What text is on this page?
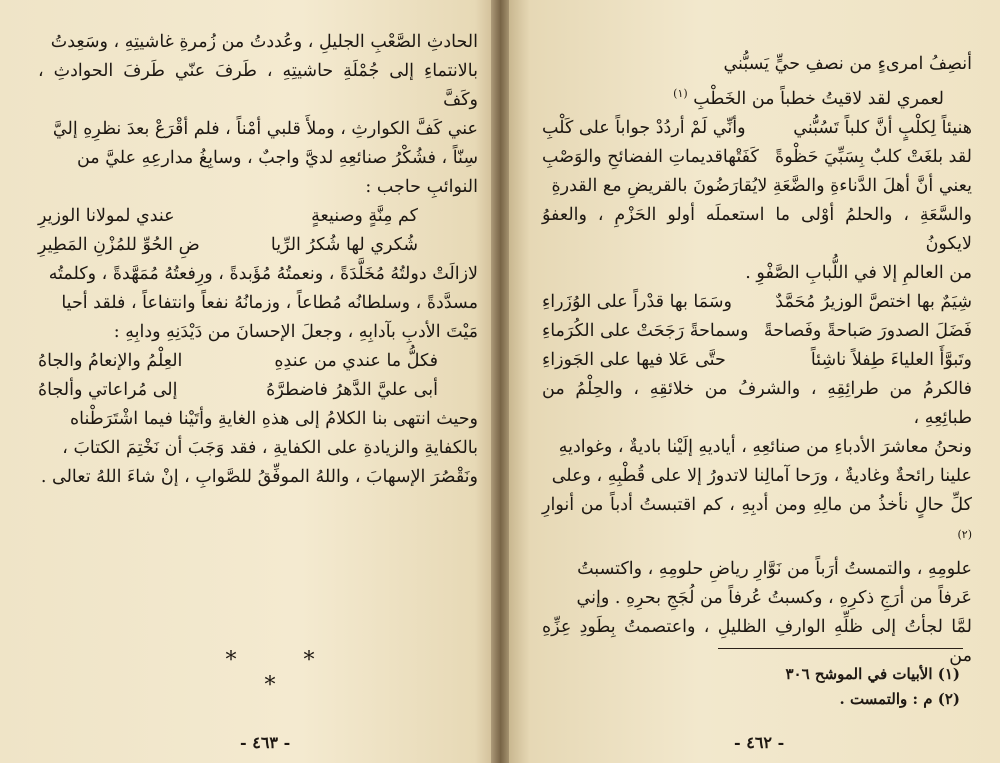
الحادثِ الصَّعْبِ الجليلِ ، وعُددتُ من زُمرةِ غاشيتِهِ ، وسَعِدتُ

بالانتماءِ إلى جُمْلَةِ حاشيتِهِ ، طَرفَ عنّي طَرفَ الحوادثِ ، وكَفَّ

عني كَفَّ الكوارثِ ، وملأَ قلبي أمْناً ، فلم أقْرَعْ بعدَ نظرِهِ إليَّ

سِنّاً ، فشُكْرُ صنائعِهِ لديَّ واجبٌ ، وسابِغُ مدارعِهِ عليَّ من

النوائبِ حاجب :

كم مِنَّةٍ وصنيعةٍ
عندي لمولانا الوزيرِ
شُكري لها شُكرُ الرِّيا
ضِ الحُوِّ للمُزْنِ المَطِيرِ

لازالَتْ دولتُهُ مُخَلَّدَةً ، ونعمتُهُ مُؤَبدةً ، ورِفعتُهُ مُمَهَّدةً ، وكلمتُه

مسدَّدةً ، وسلطانُه مُطاعاً ، وزمانُهُ نفعاً وانتفاعاً ، فلقد أحيا

مَيْتَ الأدبِ بآدابِهِ ، وجعلَ الإحسانَ من دَيْدَنِهِ ودابِهِ :

فكلُّ ما عندي من عندِهِ
العِلْمُ والإنعامُ والجاهُ
أبى عليَّ الدَّهرُ فاضطرَّهُ
إلى مُراعاتي وألجاهُ

وحيث انتهى بنا الكلامُ إلى هذهِ الغايةِ وأتَيْنا فيما اشْتَرَطْناه

بالكفايةِ والزيادةِ على الكفايةِ ، فقد وَجَبَ أن نَخْتِمَ الكتابَ ،

ونَقْصُرَ الإسهابَ ، واللهُ الموفِّقُ للصَّوابِ ، إنْ شاءَ اللهُ تعالى .

* * *
- ٤٦٣ -

أنصِفُ امرىءٍ من نصفِ حيٍّ يَسبُّني

لعمري لقد لاقيتُ خطباً من الخَطْبِ $^{(١)}$

هنيئاً لِكلْبٍ أنَّ كلباً تَسُبُّني
وأنِّي لَمْ أردُدْ جواباً على كَلْبِ
لقد بلغَتْ كلبٌ بِسَبِّيَ حَظْوةً
كَفَتْهاقديماتِ الفضائحِ والوَصْبِ

يعني أنَّ أهلَ الدَّناءةِ والضَّعَةِ لايُقارَضُونَ بالقريضِ مع القدرةِ

والسَّعَةِ ، والحلمُ أوْلى ما استعملَه أولو الحَزْمِ ، والعفوُ لايكونُ

من العالمِ إلا في اللُّبابِ الصَّفْوِ .

شِيَمٌ بها اختصَّ الوزيرُ مُحَمَّدٌ
وسَمَا بها قدْراً على الوُزَراءِ
فَضَلَ الصدورَ صَباحةً وفَصاحةً
وسماحةً رَجَحَتْ على الكُرَماءِ
وتَبوَّأَ العلياءَ طِفلاً ناشِئاً
حتَّى عَلا فيها على الجَوزاءِ

فالكرمُ من طرائِقِهِ ، والشرفُ من خلائقِهِ ، والحِلْمُ من طبائِعِهِ ،

ونحنُ معاشرَ الأدباءِ من صنائعِهِ ، أياديهِ إلَيْنا باديةٌ ، وغواديهِ

علينا رائحةٌ وغاديةٌ ، ورَحا آمالِنا لاتدورُ إلا على قُطْبِهِ ، وعلى

كلِّ حالٍ نأخذُ من مالِهِ ومن أدبِهِ ، كم اقتبستُ أدباً من أنوارِ $^{(٢)}$

علومِهِ ، والتمستُ أرَباً من نَوَّارِ رياضِ حلومِهِ ، واكتسبتُ

عَرفاً من أرَجِ ذكرِهِ ، وكسبتُ عُرفاً من لُجَجِ بحرِهِ . وإني

لمَّا لجأتُ إلى ظلِّهِ الوارفِ الظليلِ ، واعتصمتُ بِطَودِ عِزِّهِ من

(١) الأبيات في الموشح ٣٠٦

(٢) م : والتمست .

- ٤٦٢ -
